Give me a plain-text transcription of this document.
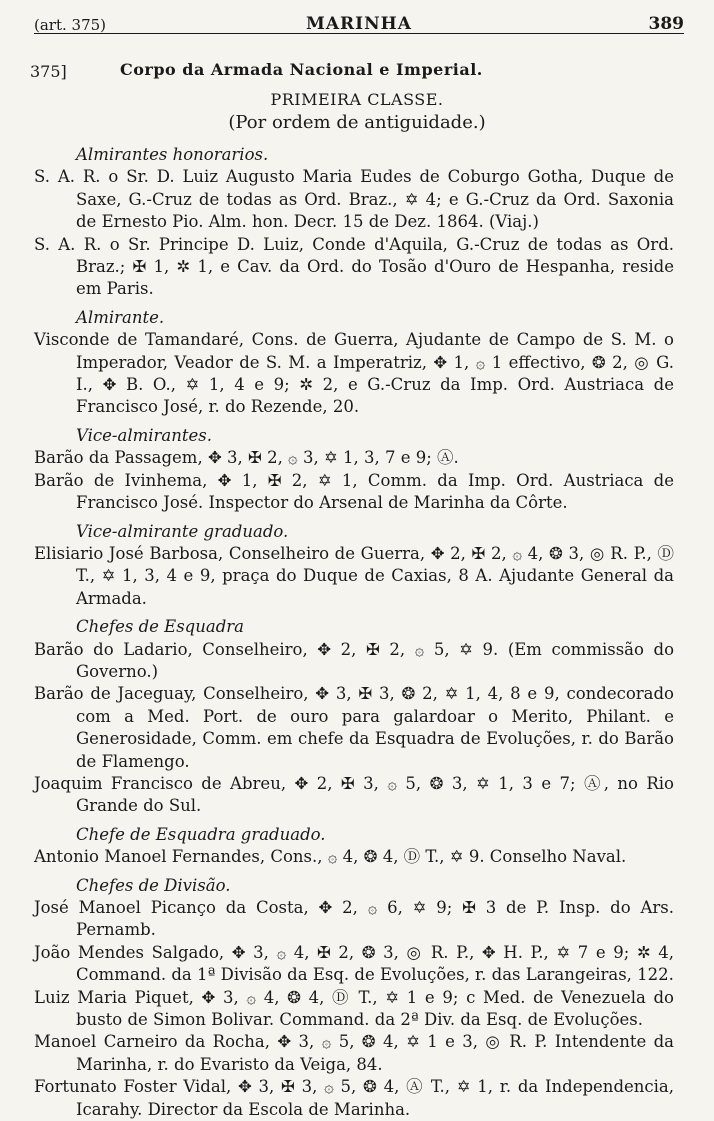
(art. 375)	MARINHA	389
375]	Corpo da Armada Nacional e Imperial.
PRIMEIRA CLASSE.
(Por ordem de antiguidade.)
Almirantes honorarios.
S. A. R. o Sr. D. Luiz Augusto Maria Eudes de Coburgo Gotha, Duque de Saxe, G.-Cruz de todas as Ord. Braz., ✡ 4; e G.-Cruz da Ord. Saxonia de Ernesto Pio. Alm. hon. Decr. 15 de Dez. 1864. (Viaj.)
S. A. R. o Sr. Principe D. Luiz, Conde d'Aquila, G.-Cruz de todas as Ord. Braz.; ✠ 1, ✲ 1, e Cav. da Ord. do Tosão d'Ouro de Hespanha, reside em Paris.
Almirante.
Visconde de Tamandaré, Cons. de Guerra, Ajudante de Campo de S. M. o Imperador, Veador de S. M. a Imperatriz, ✥ 1, ۞ 1 effectivo, ❂ 2, ◎ G. I., ✥ B. O., ✡ 1, 4 e 9; ✲ 2, e G.-Cruz da Imp. Ord. Austriaca de Francisco José, r. do Rezende, 20.
Vice-almirantes.
Barão da Passagem, ✥ 3, ✠ 2, ۞ 3, ✡ 1, 3, 7 e 9; Ⓐ.
Barão de Ivinhema, ✥ 1, ✠ 2, ✡ 1, Comm. da Imp. Ord. Austriaca de Francisco José. Inspector do Arsenal de Marinha da Côrte.
Vice-almirante graduado.
Elisiario José Barbosa, Conselheiro de Guerra, ✥ 2, ✠ 2, ۞ 4, ❂ 3, ◎ R. P., Ⓓ T., ✡ 1, 3, 4 e 9, praça do Duque de Caxias, 8 A. Ajudante General da Armada.
Chefes de Esquadra
Barão do Ladario, Conselheiro, ✥ 2, ✠ 2, ۞ 5, ✡ 9. (Em commissão do Governo.)
Barão de Jaceguay, Conselheiro, ✥ 3, ✠ 3, ❂ 2, ✡ 1, 4, 8 e 9, condecorado com a Med. Port. de ouro para galardoar o Merito, Philant. e Generosidade, Comm. em chefe da Esquadra de Evoluções, r. do Barão de Flamengo.
Joaquim Francisco de Abreu, ✥ 2, ✠ 3, ۞ 5, ❂ 3, ✡ 1, 3 e 7; Ⓐ, no Rio Grande do Sul.
Chefe de Esquadra graduado.
Antonio Manoel Fernandes, Cons., ۞ 4, ❂ 4, Ⓓ T., ✡ 9. Conselho Naval.
Chefes de Divisão.
José Manoel Picanço da Costa, ✥ 2, ۞ 6, ✡ 9; ✠ 3 de P. Insp. do Ars. Pernamb.
João Mendes Salgado, ✥ 3, ۞ 4, ✠ 2, ❂ 3, ◎ R. P., ✥ H. P., ✡ 7 e 9; ✲ 4, Command. da 1ª Divisão da Esq. de Evoluções, r. das Larangeiras, 122.
Luiz Maria Piquet, ✥ 3, ۞ 4, ❂ 4, Ⓓ T., ✡ 1 e 9; c Med. de Venezuela do busto de Simon Bolivar. Command. da 2ª Div. da Esq. de Evoluções.
Manoel Carneiro da Rocha, ✥ 3, ۞ 5, ❂ 4, ✡ 1 e 3, ◎ R. P. Intendente da Marinha, r. do Evaristo da Veiga, 84.
Fortunato Foster Vidal, ✥ 3, ✠ 3, ۞ 5, ❂ 4, Ⓐ T., ✡ 1, r. da Independencia, Icarahy. Director da Escola de Marinha.
